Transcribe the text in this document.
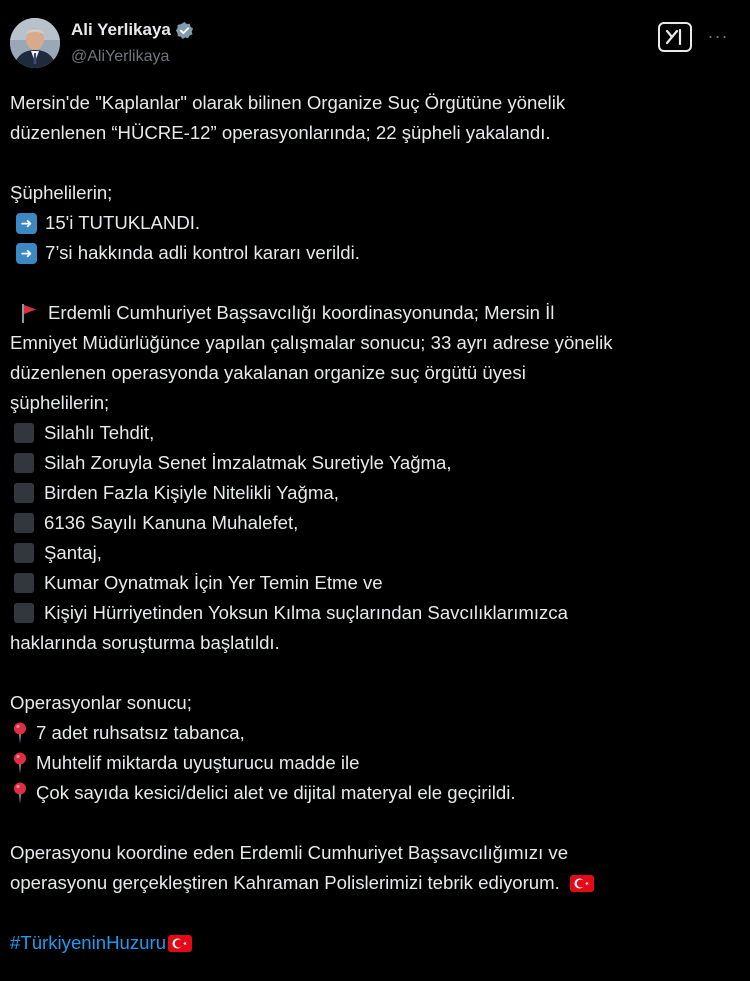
Ali Yerlikaya
@AliYerlikaya
···
Mersin'de "Kaplanlar" olarak bilinen Organize Suç Örgütüne yönelik
düzenlenen “HÜCRE-12” operasyonlarında; 22 şüpheli yakalandı.
Şüphelilerin;
➜ 15'i TUTUKLANDI.
➜ 7’si hakkında adli kontrol kararı verildi.
Erdemli Cumhuriyet Başsavcılığı koordinasyonunda; Mersin İl
Emniyet Müdürlüğünce yapılan çalışmalar sonucu; 33 ayrı adrese yönelik
düzenlenen operasyonda yakalanan organize suç örgütü üyesi
şüphelilerin;
Silahlı Tehdit,
Silah Zoruyla Senet İmzalatmak Suretiyle Yağma,
Birden Fazla Kişiyle Nitelikli Yağma,
6136 Sayılı Kanuna Muhalefet,
Şantaj,
Kumar Oynatmak İçin Yer Temin Etme ve
Kişiyi Hürriyetinden Yoksun Kılma suçlarından Savcılıklarımızca
haklarında soruşturma başlatıldı.
Operasyonlar sonucu;
7 adet ruhsatsız tabanca,
Muhtelif miktarda uyuşturucu madde ile
Çok sayıda kesici/delici alet ve dijital materyal ele geçirildi.
Operasyonu koordine eden Erdemli Cumhuriyet Başsavcılığımızı ve
operasyonu gerçekleştiren Kahraman Polislerimizi tebrik ediyorum.
#TürkiyeninHuzuru
